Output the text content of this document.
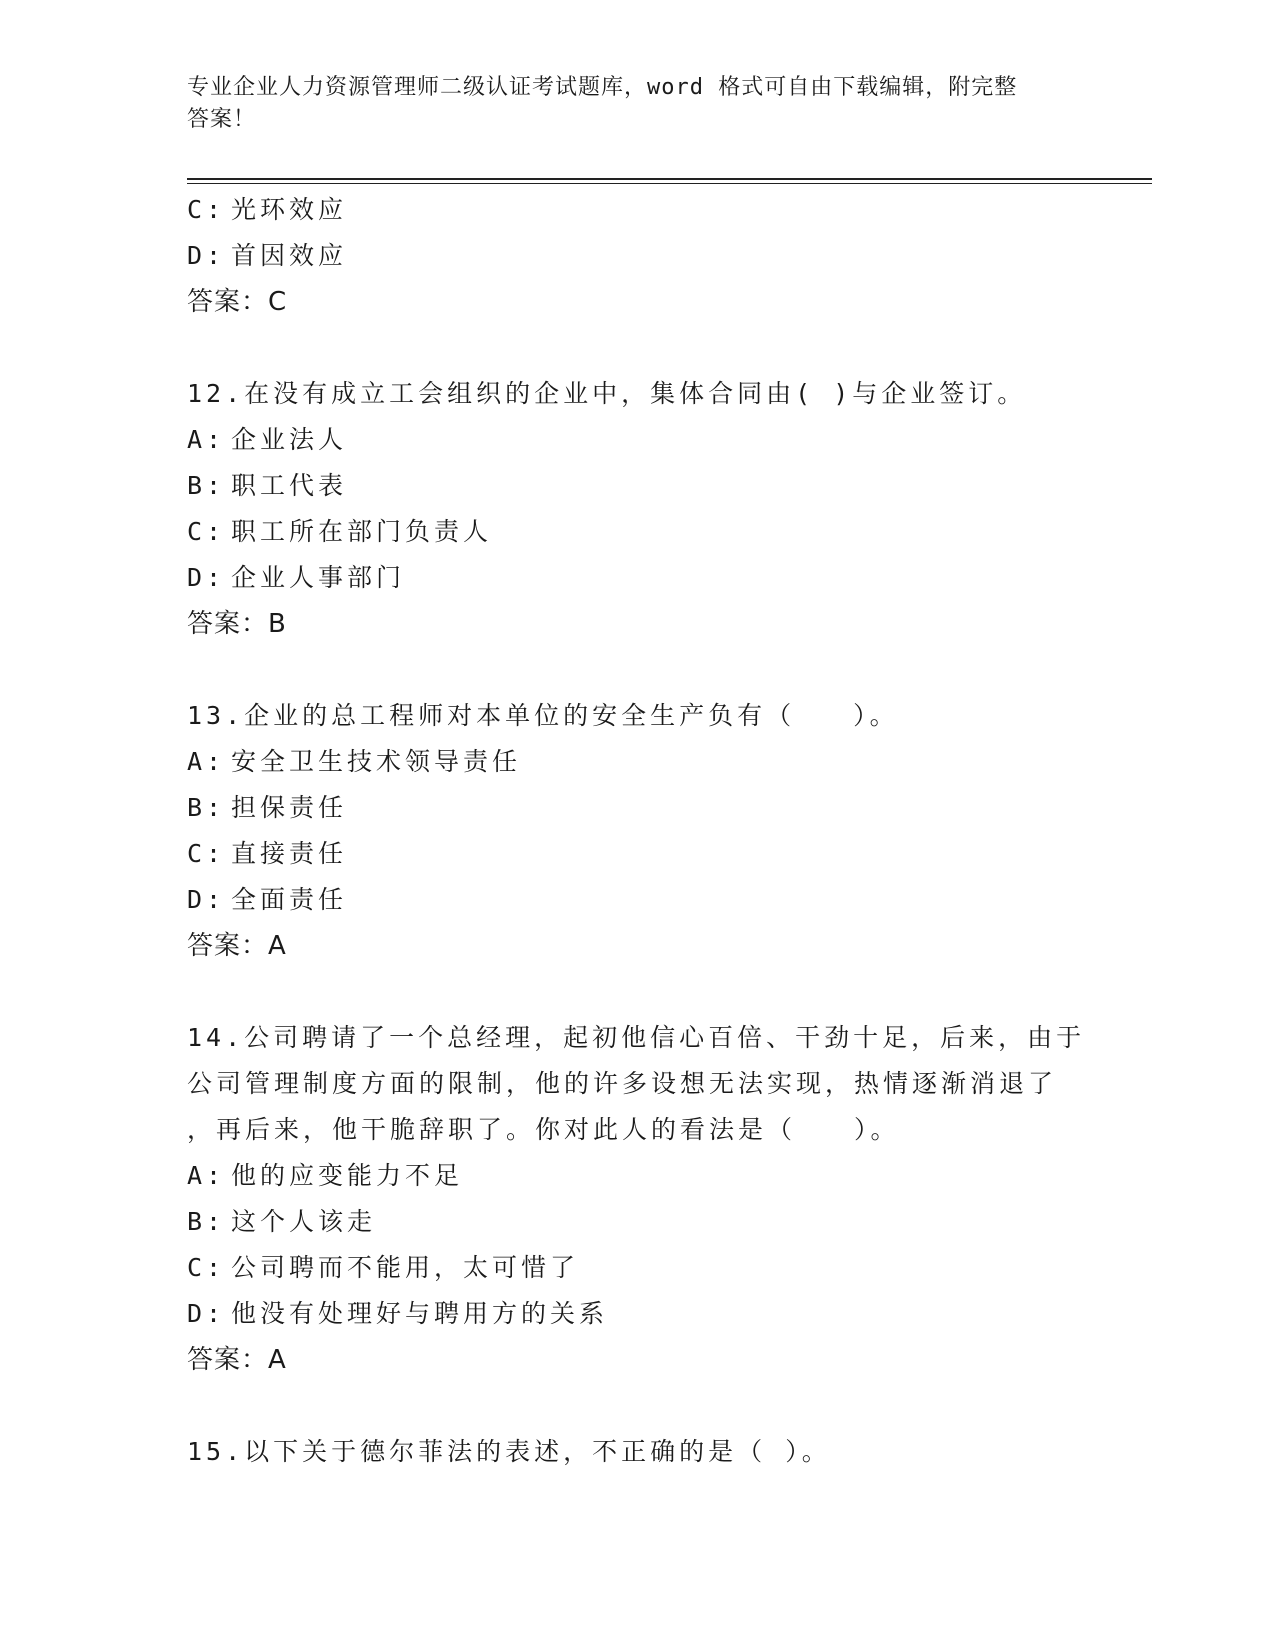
专业企业人力资源管理师二级认证考试题库，word 格式可自由下载编辑，附完整
答案！
C: 光环效应
D: 首因效应
答案：C
12.在没有成立工会组织的企业中，集体合同由( )与企业签订。
A: 企业法人
B: 职工代表
C: 职工所在部门负责人
D: 企业人事部门
答案：B
13.企业的总工程师对本单位的安全生产负有（　　）。
A: 安全卫生技术领导责任
B: 担保责任
C: 直接责任
D: 全面责任
答案：A
14.公司聘请了一个总经理，起初他信心百倍、干劲十足，后来，由于
公司管理制度方面的限制，他的许多设想无法实现，热情逐渐消退了
，再后来，他干脆辞职了。你对此人的看法是（　　）。
A: 他的应变能力不足
B: 这个人该走
C: 公司聘而不能用，太可惜了
D: 他没有处理好与聘用方的关系
答案：A
15.以下关于德尔菲法的表述，不正确的是（ ）。
